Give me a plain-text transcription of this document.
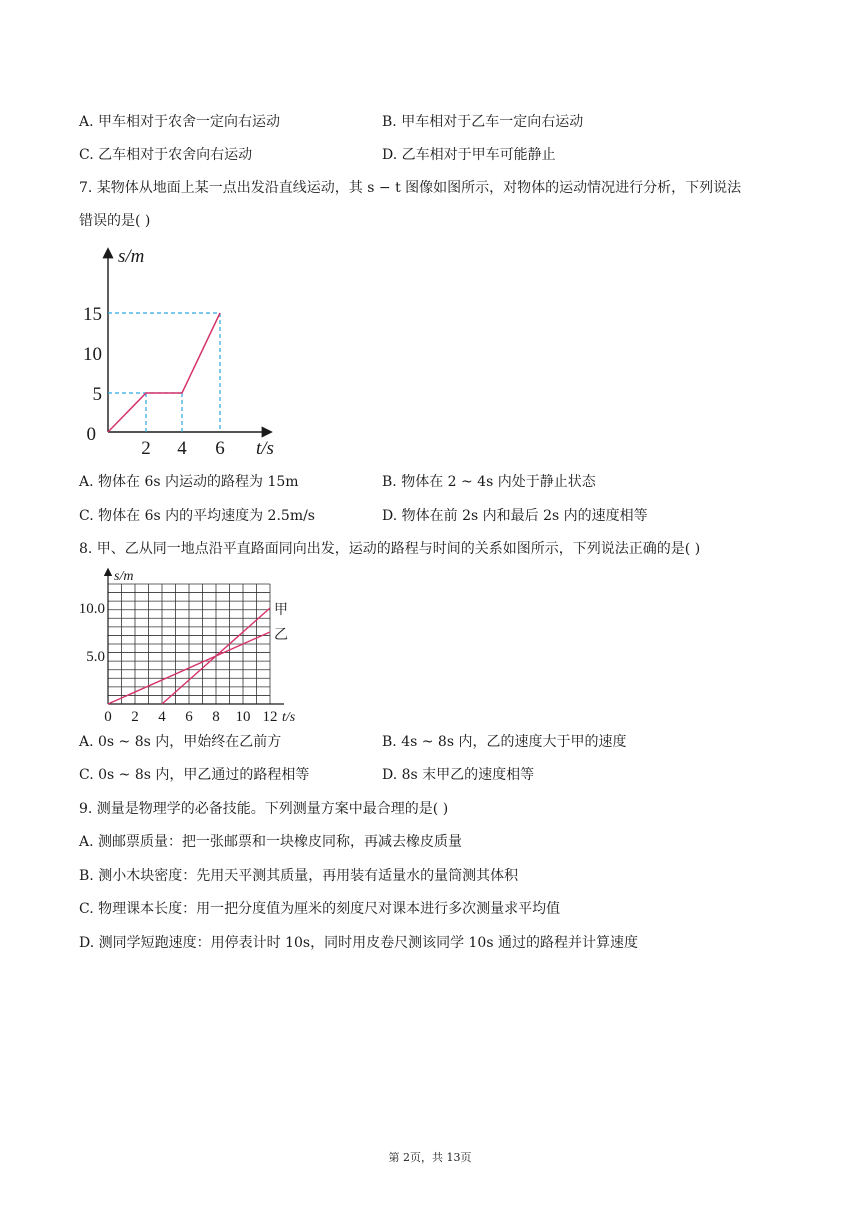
A. 甲车相对于农舍一定向右运动	B. 甲车相对于乙车一定向右运动
C. 乙车相对于农舍向右运动	D. 乙车相对于甲车可能静止
7. 某物体从地面上某一点出发沿直线运动，其 s − t 图像如图所示，对物体的运动情况进行分析，下列说法
错误的是( )
s/m
15
10
5
0
2 4 6 t/s
A. 物体在 6s 内运动的路程为 15m	B. 物体在 2 ~ 4s 内处于静止状态
C. 物体在 6s 内的平均速度为 2.5m/s	D. 物体在前 2s 内和最后 2s 内的速度相等
8. 甲、乙从同一地点沿平直路面同向出发，运动的路程与时间的关系如图所示，下列说法正确的是( )
s/m
10.0
5.0
0 2 4 6 8 10 12 t/s
甲
乙
A. 0s ~ 8s 内，甲始终在乙前方	B. 4s ~ 8s 内，乙的速度大于甲的速度
C. 0s ~ 8s 内，甲乙通过的路程相等	D. 8s 末甲乙的速度相等
9. 测量是物理学的必备技能。下列测量方案中最合理的是( )
A. 测邮票质量：把一张邮票和一块橡皮同称，再减去橡皮质量
B. 测小木块密度：先用天平测其质量，再用装有适量水的量筒测其体积
C. 物理课本长度：用一把分度值为厘米的刻度尺对课本进行多次测量求平均值
D. 测同学短跑速度：用停表计时 10s，同时用皮卷尺测该同学 10s 通过的路程并计算速度
第 2页，共 13页
